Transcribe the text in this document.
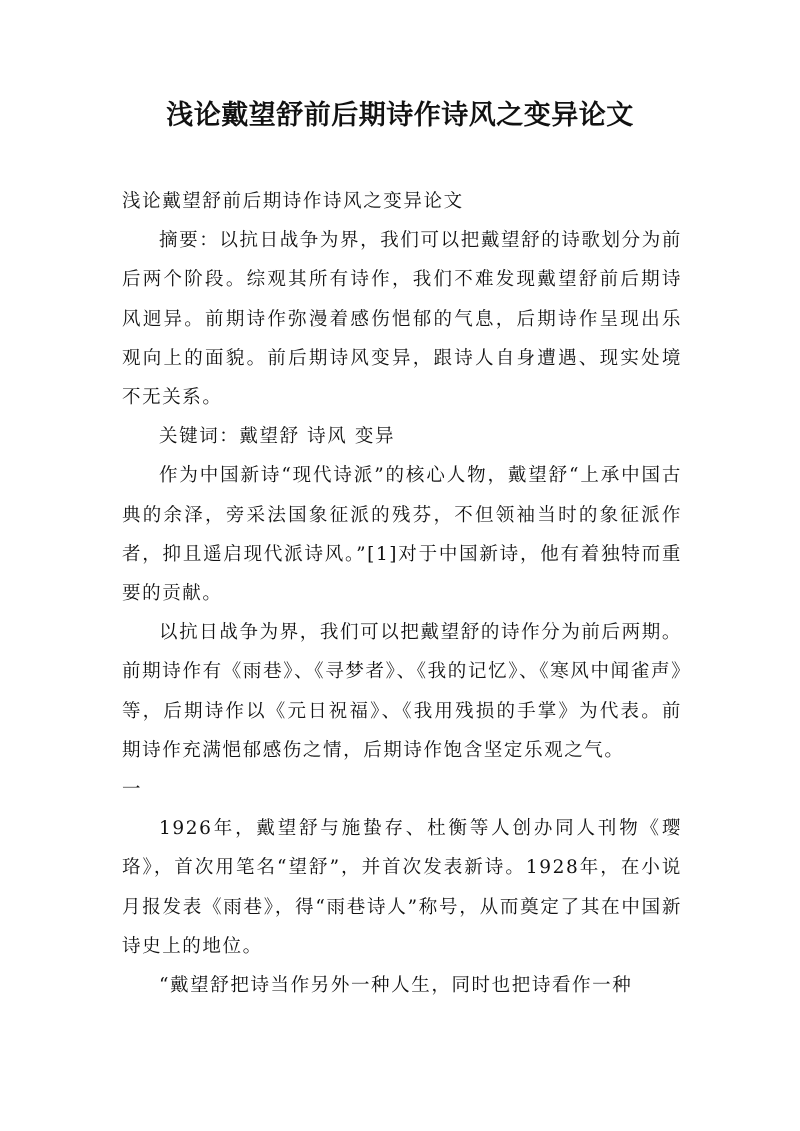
浅论戴望舒前后期诗作诗风之变异论文

浅论戴望舒前后期诗作诗风之变异论文

摘要：以抗日战争为界，我们可以把戴望舒的诗歌划分为前后两个阶段。综观其所有诗作，我们不难发现戴望舒前后期诗风迥异。前期诗作弥漫着感伤悒郁的气息，后期诗作呈现出乐观向上的面貌。前后期诗风变异，跟诗人自身遭遇、现实处境不无关系。

关键词：戴望舒 诗风 变异

作为中国新诗“现代诗派”的核心人物，戴望舒“上承中国古典的余泽，旁采法国象征派的残芬，不但领袖当时的象征派作者，抑且遥启现代派诗风。”[1]对于中国新诗，他有着独特而重要的贡献。

以抗日战争为界，我们可以把戴望舒的诗作分为前后两期。前期诗作有《雨巷》、《寻梦者》、《我的记忆》、《寒风中闻雀声》等，后期诗作以《元日祝福》、《我用残损的手掌》为代表。前期诗作充满悒郁感伤之情，后期诗作饱含坚定乐观之气。

一

1926年，戴望舒与施蛰存、杜衡等人创办同人刊物《璎珞》，首次用笔名“望舒”，并首次发表新诗。1928年，在小说月报发表《雨巷》，得“雨巷诗人”称号，从而奠定了其在中国新诗史上的地位。

“戴望舒把诗当作另外一种人生，同时也把诗看作一种
